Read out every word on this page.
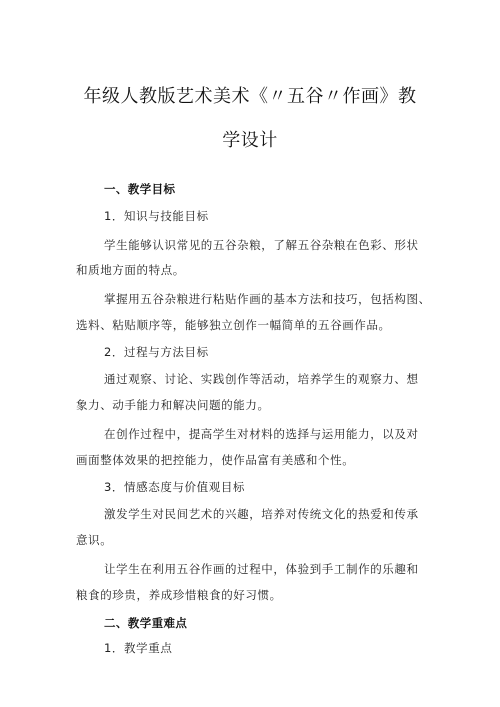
年级人教版艺术美术《〃五谷〃作画》教
学设计
一、教学目标
1．知识与技能目标
学生能够认识常见的五谷杂粮，了解五谷杂粮在色彩、形状
和质地方面的特点。
掌握用五谷杂粮进行粘贴作画的基本方法和技巧，包括构图、
选料、粘贴顺序等，能够独立创作一幅简单的五谷画作品。
2．过程与方法目标
通过观察、讨论、实践创作等活动，培养学生的观察力、想
象力、动手能力和解决问题的能力。
在创作过程中，提高学生对材料的选择与运用能力，以及对
画面整体效果的把控能力，使作品富有美感和个性。
3．情感态度与价值观目标
激发学生对民间艺术的兴趣，培养对传统文化的热爱和传承
意识。
让学生在利用五谷作画的过程中，体验到手工制作的乐趣和
粮食的珍贵，养成珍惜粮食的好习惯。
二、教学重难点
1．教学重点
